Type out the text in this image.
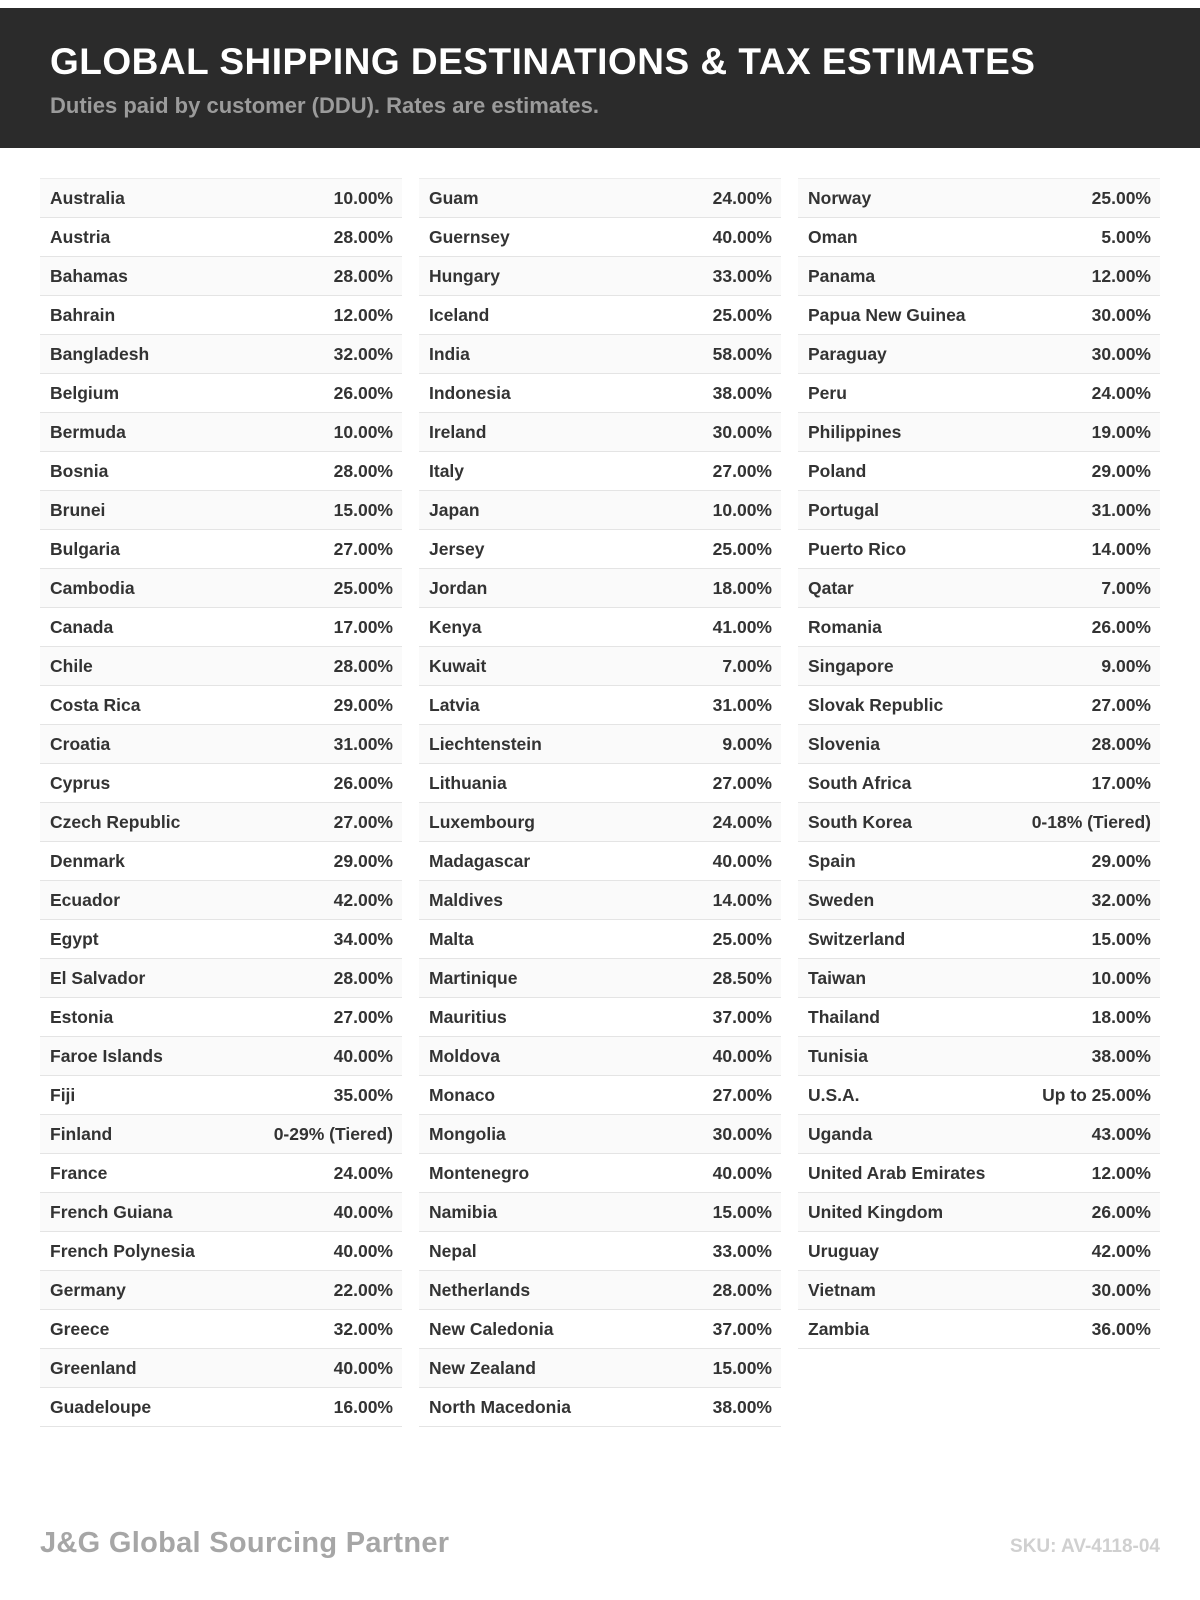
GLOBAL SHIPPING DESTINATIONS & TAX ESTIMATES
Duties paid by customer (DDU). Rates are estimates.
Australia	10.00%
Austria	28.00%
Bahamas	28.00%
Bahrain	12.00%
Bangladesh	32.00%
Belgium	26.00%
Bermuda	10.00%
Bosnia	28.00%
Brunei	15.00%
Bulgaria	27.00%
Cambodia	25.00%
Canada	17.00%
Chile	28.00%
Costa Rica	29.00%
Croatia	31.00%
Cyprus	26.00%
Czech Republic	27.00%
Denmark	29.00%
Ecuador	42.00%
Egypt	34.00%
El Salvador	28.00%
Estonia	27.00%
Faroe Islands	40.00%
Fiji	35.00%
Finland	0-29% (Tiered)
France	24.00%
French Guiana	40.00%
French Polynesia	40.00%
Germany	22.00%
Greece	32.00%
Greenland	40.00%
Guadeloupe	16.00%
Guam	24.00%
Guernsey	40.00%
Hungary	33.00%
Iceland	25.00%
India	58.00%
Indonesia	38.00%
Ireland	30.00%
Italy	27.00%
Japan	10.00%
Jersey	25.00%
Jordan	18.00%
Kenya	41.00%
Kuwait	7.00%
Latvia	31.00%
Liechtenstein	9.00%
Lithuania	27.00%
Luxembourg	24.00%
Madagascar	40.00%
Maldives	14.00%
Malta	25.00%
Martinique	28.50%
Mauritius	37.00%
Moldova	40.00%
Monaco	27.00%
Mongolia	30.00%
Montenegro	40.00%
Namibia	15.00%
Nepal	33.00%
Netherlands	28.00%
New Caledonia	37.00%
New Zealand	15.00%
North Macedonia	38.00%
Norway	25.00%
Oman	5.00%
Panama	12.00%
Papua New Guinea	30.00%
Paraguay	30.00%
Peru	24.00%
Philippines	19.00%
Poland	29.00%
Portugal	31.00%
Puerto Rico	14.00%
Qatar	7.00%
Romania	26.00%
Singapore	9.00%
Slovak Republic	27.00%
Slovenia	28.00%
South Africa	17.00%
South Korea	0-18% (Tiered)
Spain	29.00%
Sweden	32.00%
Switzerland	15.00%
Taiwan	10.00%
Thailand	18.00%
Tunisia	38.00%
U.S.A.	Up to 25.00%
Uganda	43.00%
United Arab Emirates	12.00%
United Kingdom	26.00%
Uruguay	42.00%
Vietnam	30.00%
Zambia	36.00%
J&G Global Sourcing Partner	SKU: AV-4118-04
